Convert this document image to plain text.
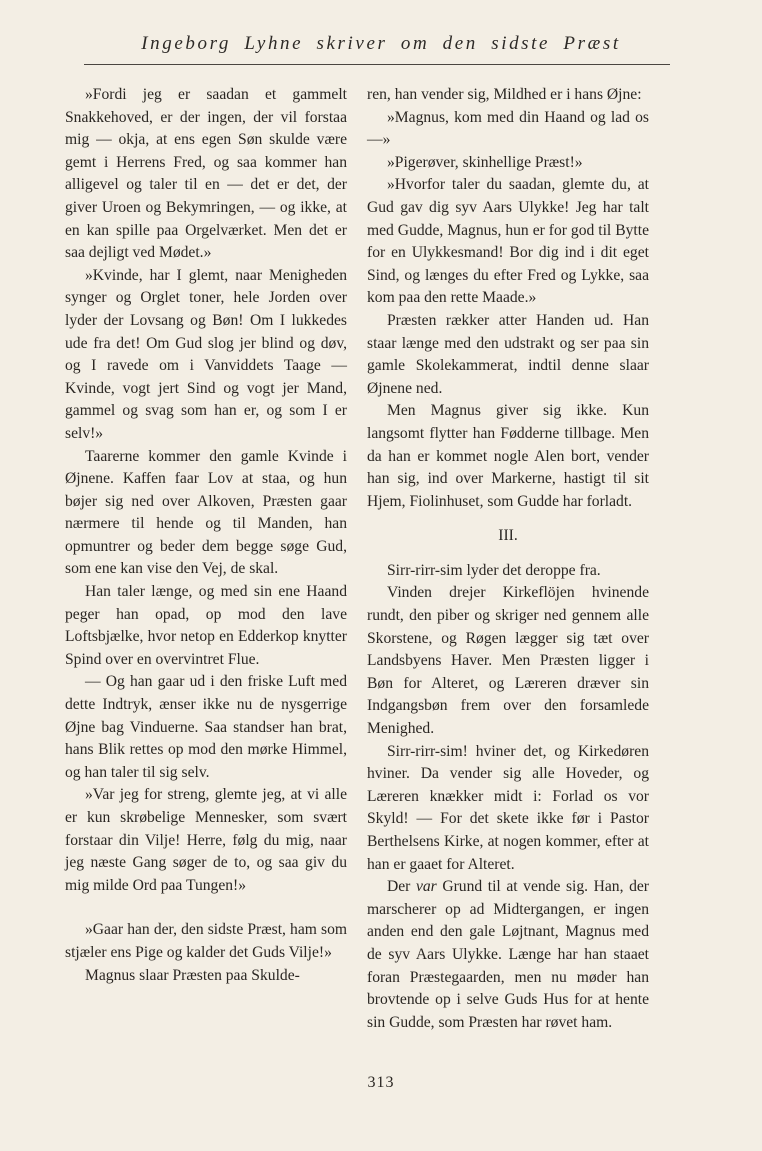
Ingeborg Lyhne skriver om den sidste Præst

»Fordi jeg er saadan et gammelt Snakkehoved, er der ingen, der vil forstaa mig — okja, at ens egen Søn skulde være gemt i Herrens Fred, og saa kommer han alligevel og taler til en — det er det, der giver Uroen og Bekymringen, — og ikke, at en kan spille paa Orgelværket. Men det er saa dejligt ved Mødet.»

»Kvinde, har I glemt, naar Menigheden synger og Orglet toner, hele Jorden over lyder der Lovsang og Bøn! Om I lukkedes ude fra det! Om Gud slog jer blind og døv, og I ravede om i Vanviddets Taage — Kvinde, vogt jert Sind og vogt jer Mand, gammel og svag som han er, og som I er selv!»

Taarerne kommer den gamle Kvinde i Øjnene. Kaffen faar Lov at staa, og hun bøjer sig ned over Alkoven, Præsten gaar nærmere til hende og til Manden, han opmuntrer og beder dem begge søge Gud, som ene kan vise den Vej, de skal.

Han taler længe, og med sin ene Haand peger han opad, op mod den lave Loftsbjælke, hvor netop en Edderkop knytter Spind over en overvintret Flue.

— Og han gaar ud i den friske Luft med dette Indtryk, ænser ikke nu de nysgerrige Øjne bag Vinduerne. Saa standser han brat, hans Blik rettes op mod den mørke Himmel, og han taler til sig selv.

»Var jeg for streng, glemte jeg, at vi alle er kun skrøbelige Mennesker, som svært forstaar din Vilje! Herre, følg du mig, naar jeg næste Gang søger de to, og saa giv du mig milde Ord paa Tungen!»

»Gaar han der, den sidste Præst, ham som stjæler ens Pige og kalder det Guds Vilje!»

Magnus slaar Præsten paa Skulde-

ren, han vender sig, Mildhed er i hans Øjne:

»Magnus, kom med din Haand og lad os —»

»Pigerøver, skinhellige Præst!»

»Hvorfor taler du saadan, glemte du, at Gud gav dig syv Aars Ulykke! Jeg har talt med Gudde, Magnus, hun er for god til Bytte for en Ulykkesmand! Bor dig ind i dit eget Sind, og længes du efter Fred og Lykke, saa kom paa den rette Maade.»

Præsten rækker atter Handen ud. Han staar længe med den udstrakt og ser paa sin gamle Skolekammerat, indtil denne slaar Øjnene ned.

Men Magnus giver sig ikke. Kun langsomt flytter han Fødderne tillbage. Men da han er kommet nogle Alen bort, vender han sig, ind over Markerne, hastigt til sit Hjem, Fiolinhuset, som Gudde har forladt.

III.

Sirr-rirr-sim lyder det deroppe fra.

Vinden drejer Kirkeflöjen hvinende rundt, den piber og skriger ned gennem alle Skorstene, og Røgen lægger sig tæt over Landsbyens Haver. Men Præsten ligger i Bøn for Alteret, og Læreren dræver sin Indgangsbøn frem over den forsamlede Menighed.

Sirr-rirr-sim! hviner det, og Kirkedøren hviner. Da vender sig alle Hoveder, og Læreren knækker midt i: Forlad os vor Skyld! — For det skete ikke før i Pastor Berthelsens Kirke, at nogen kommer, efter at han er gaaet for Alteret.

Der var Grund til at vende sig. Han, der marscherer op ad Midtergangen, er ingen anden end den gale Løjtnant, Magnus med de syv Aars Ulykke. Længe har han staaet foran Præstegaarden, men nu møder han brovtende op i selve Guds Hus for at hente sin Gudde, som Præsten har røvet ham.

313
